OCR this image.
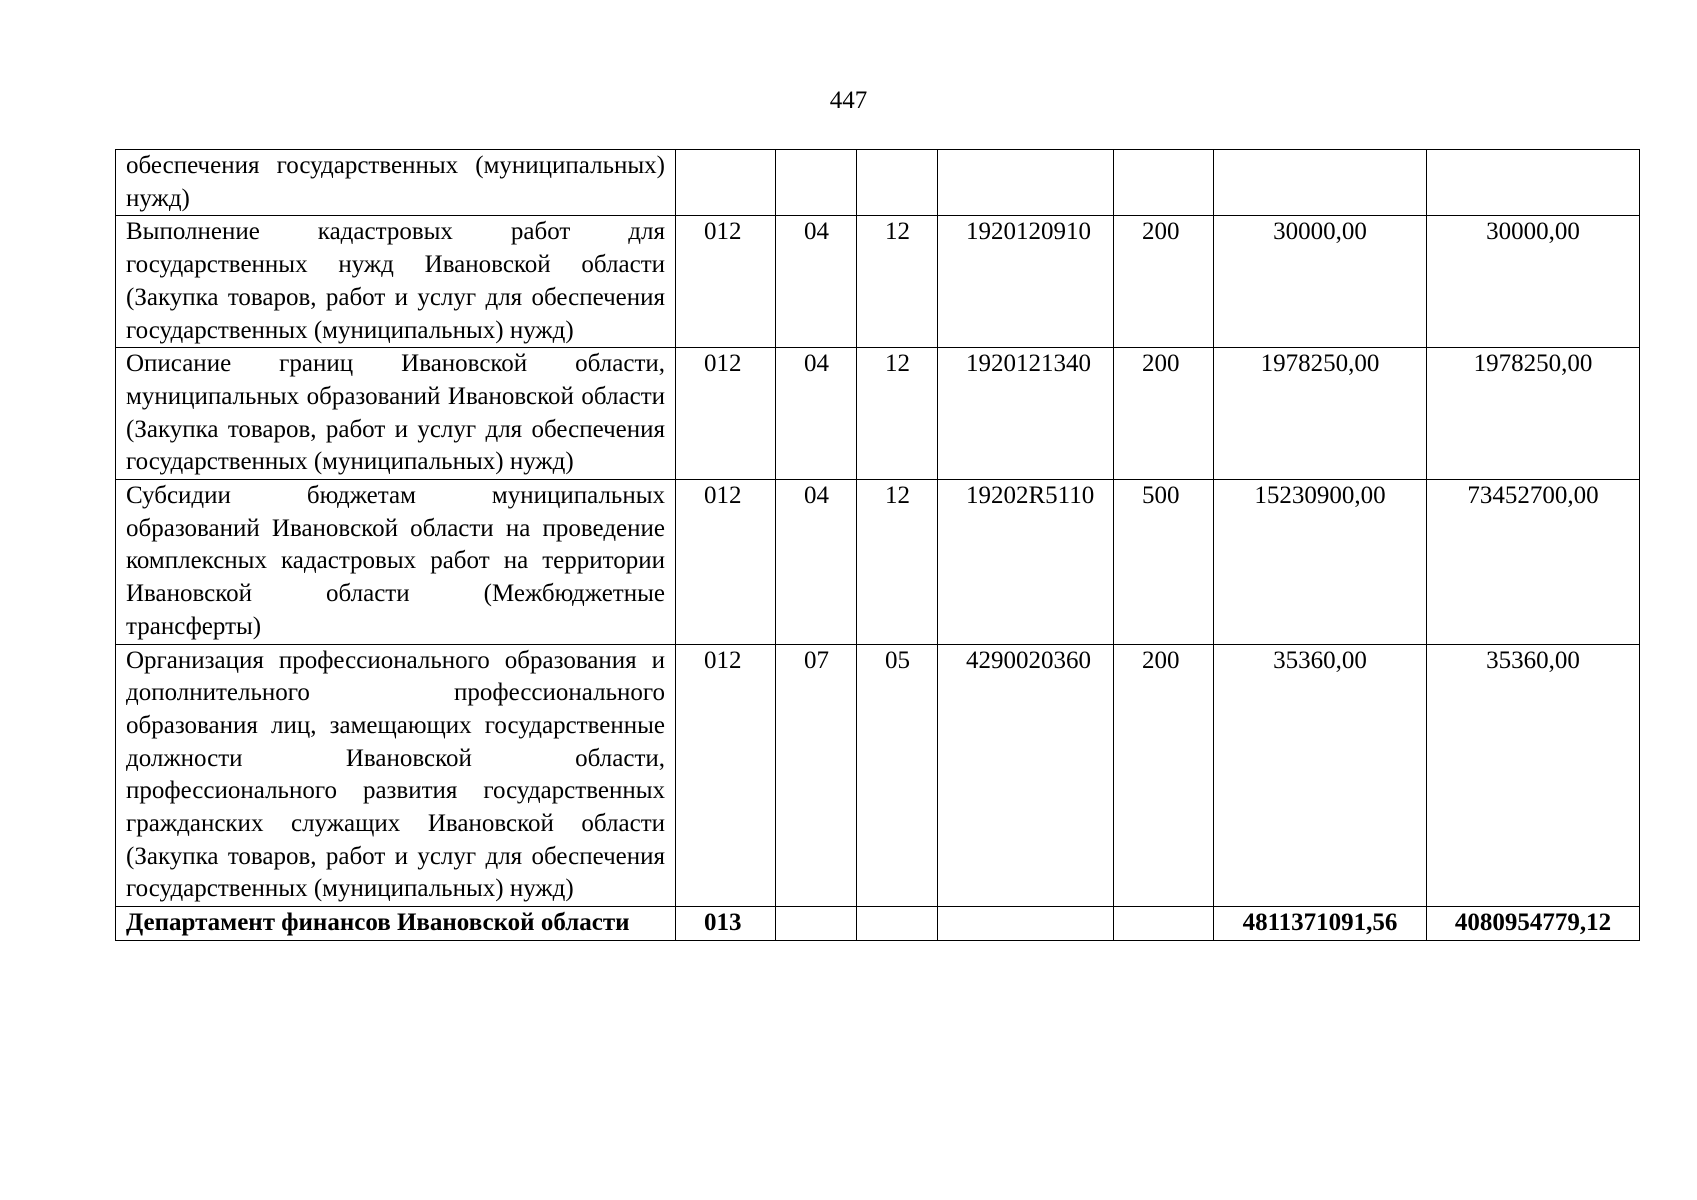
447
обеспечения государственных (муниципальных) нужд)							
Выполнение кадастровых работ для государственных нужд Ивановской области (Закупка товаров, работ и услуг для обеспечения государственных (муниципальных) нужд)	012	04	12	1920120910	200	30000,00	30000,00
Описание границ Ивановской области, муниципальных образований Ивановской области (Закупка товаров, работ и услуг для обеспечения государственных (муниципальных) нужд)	012	04	12	1920121340	200	1978250,00	1978250,00
Субсидии бюджетам муниципальных образований Ивановской области на проведение комплексных кадастровых работ на территории Ивановской области (Межбюджетные трансферты)	012	04	12	19202R5110	500	15230900,00	73452700,00
Организация профессионального образования и дополнительного профессионального образования лиц, замещающих государственные должности Ивановской области, профессионального развития государственных гражданских служащих Ивановской области (Закупка товаров, работ и услуг для обеспечения государственных (муниципальных) нужд)	012	07	05	4290020360	200	35360,00	35360,00
Департамент финансов Ивановской области	013					4811371091,56	4080954779,12
